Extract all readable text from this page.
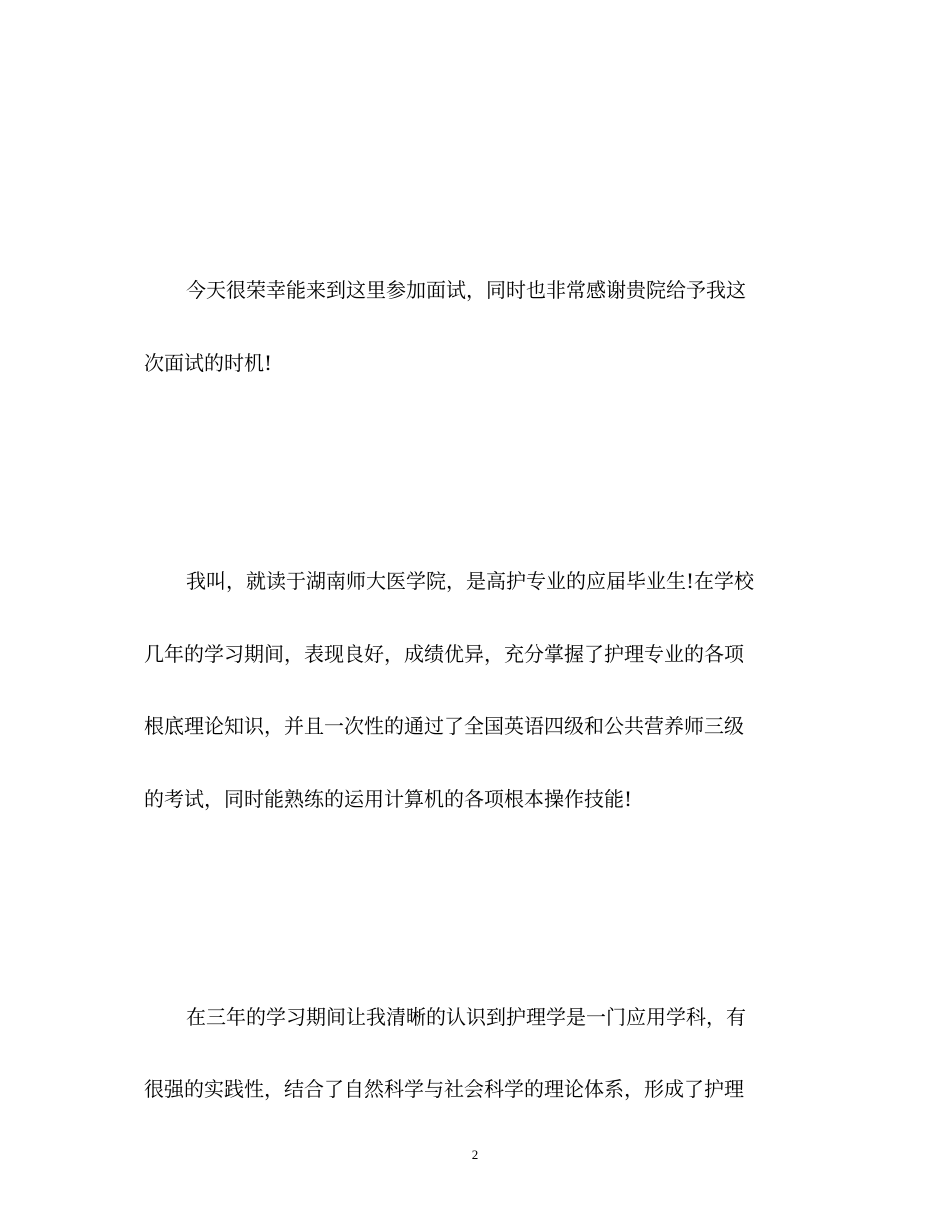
今天很荣幸能来到这里参加面试，同时也非常感谢贵院给予我这
次面试的时机!
我叫，就读于湖南师大医学院，是高护专业的应届毕业生!在学校
几年的学习期间，表现良好，成绩优异，充分掌握了护理专业的各项
根底理论知识，并且一次性的通过了全国英语四级和公共营养师三级
的考试，同时能熟练的运用计算机的各项根本操作技能!
在三年的学习期间让我清晰的认识到护理学是一门应用学科，有
很强的实践性，结合了自然科学与社会科学的理论体系，形成了护理
2
